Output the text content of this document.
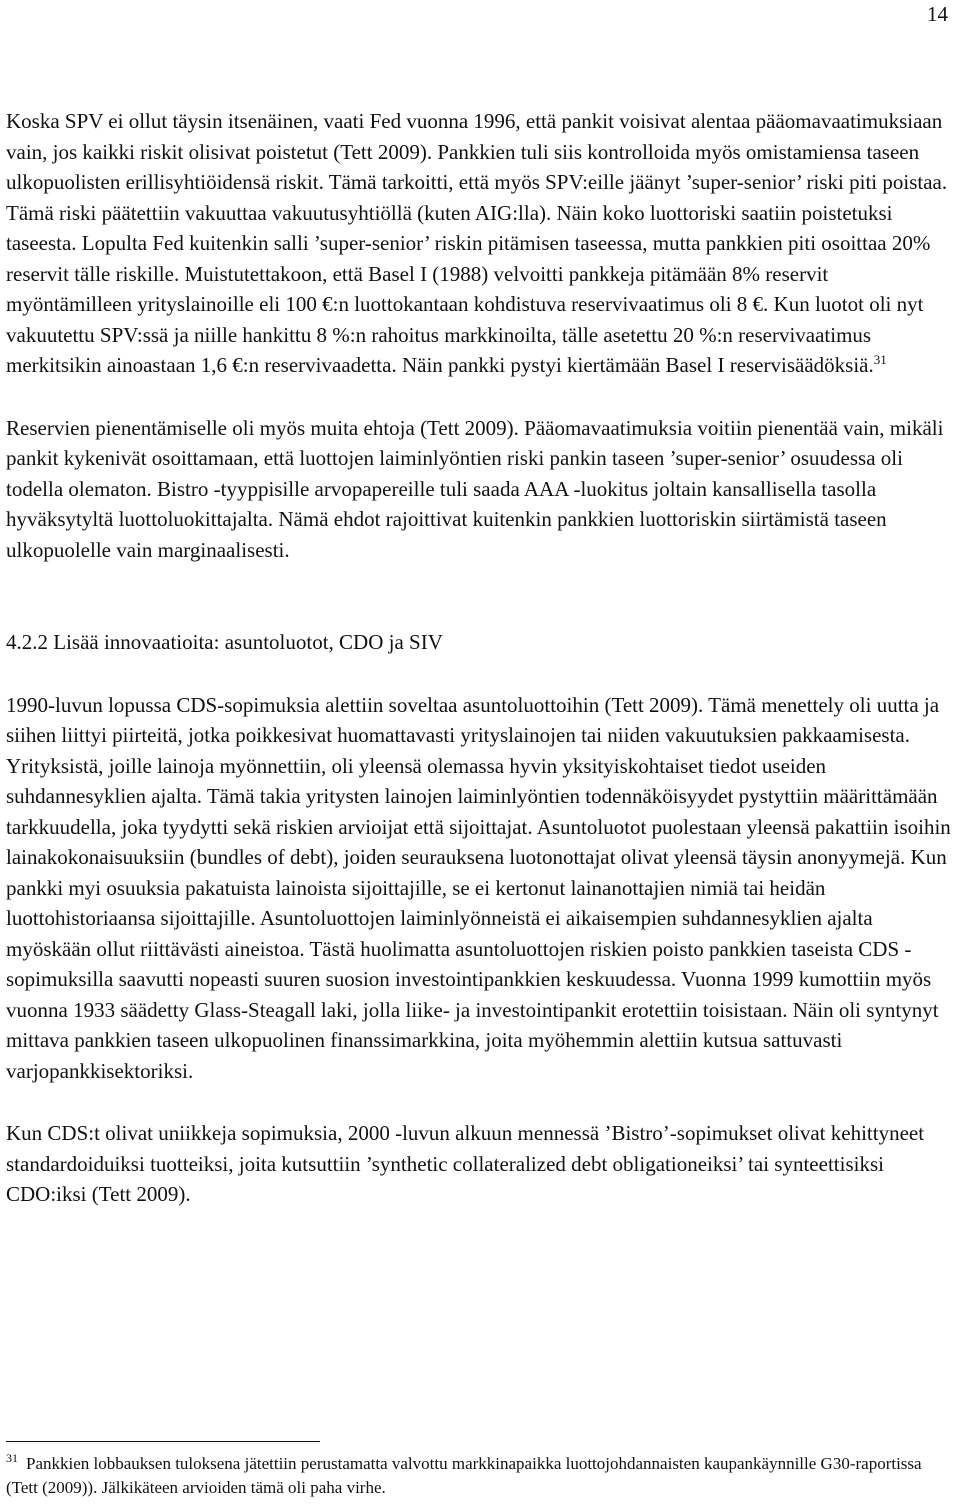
14

Koska SPV ei ollut täysin itsenäinen, vaati Fed vuonna 1996, että pankit voisivat alentaa pääomavaatimuksiaan vain, jos kaikki riskit olisivat poistetut (Tett 2009). Pankkien tuli siis kontrolloida myös omistamiensa taseen ulkopuolisten erillisyhtiöidensä riskit. Tämä tarkoitti, että myös SPV:eille jäänyt ’super-senior’ riski piti poistaa. Tämä riski päätettiin vakuuttaa vakuutusyhtiöllä (kuten AIG:lla). Näin koko luottoriski saatiin poistetuksi taseesta. Lopulta Fed kuitenkin salli ’super-senior’ riskin pitämisen taseessa, mutta pankkien piti osoittaa 20% reservit tälle riskille. Muistutettakoon, että Basel I (1988) velvoitti pankkeja pitämään 8% reservit myöntämilleen yrityslainoille eli 100 €:n luottokantaan kohdistuva reservivaatimus oli 8 €. Kun luotot oli nyt vakuutettu SPV:ssä ja niille hankittu 8 %:n rahoitus markkinoilta, tälle asetettu 20 %:n reservivaatimus merkitsikin ainoastaan 1,6 €:n reservivaadetta. Näin pankki pystyi kiertämään Basel I reservisäädöksiä.$^{31}$

Reservien pienentämiselle oli myös muita ehtoja (Tett 2009). Pääomavaatimuksia voitiin pienentää vain, mikäli pankit kykenivät osoittamaan, että luottojen laiminlyöntien riski pankin taseen ’super-senior’ osuudessa oli todella olematon. Bistro -tyyppisille arvopapereille tuli saada AAA -luokitus joltain kansallisella tasolla hyväksytyltä luottoluokittajalta. Nämä ehdot rajoittivat kuitenkin pankkien luottoriskin siirtämistä taseen ulkopuolelle vain marginaalisesti.

4.2.2 Lisää innovaatioita: asuntoluotot, CDO ja SIV

1990-luvun lopussa CDS-sopimuksia alettiin soveltaa asuntoluottoihin (Tett 2009). Tämä menettely oli uutta ja siihen liittyi piirteitä, jotka poikkesivat huomattavasti yrityslainojen tai niiden vakuutuksien pakkaamisesta. Yrityksistä, joille lainoja myönnettiin, oli yleensä olemassa hyvin yksityiskohtaiset tiedot useiden suhdannesyklien ajalta. Tämä takia yritysten lainojen laiminlyöntien todennäköisyydet pystyttiin määrittämään tarkkuudella, joka tyydytti sekä riskien arvioijat että sijoittajat. Asuntoluotot puolestaan yleensä pakattiin isoihin lainakokonaisuuksiin (bundles of debt), joiden seurauksena luotonottajat olivat yleensä täysin anonyymejä. Kun pankki myi osuuksia pakatuista lainoista sijoittajille, se ei kertonut lainanottajien nimiä tai heidän luottohistoriaansa sijoittajille. Asuntoluottojen laiminlyönneistä ei aikaisempien suhdannesyklien ajalta myöskään ollut riittävästi aineistoa. Tästä huolimatta asuntoluottojen riskien poisto pankkien taseista CDS -sopimuksilla saavutti nopeasti suuren suosion investointipankkien keskuudessa. Vuonna 1999 kumottiin myös vuonna 1933 säädetty Glass-Steagall laki, jolla liike- ja investointipankit erotettiin toisistaan. Näin oli syntynyt mittava pankkien taseen ulkopuolinen finanssimarkkina, joita myöhemmin alettiin kutsua sattuvasti varjopankkisektoriksi.

Kun CDS:t olivat uniikkeja sopimuksia, 2000 -luvun alkuun mennessä ’Bistro’-sopimukset olivat kehittyneet standardoiduiksi tuotteiksi, joita kutsuttiin ’synthetic collateralized debt obligationeiksi’ tai synteettisiksi CDO:iksi (Tett 2009).

$^{31}$ Pankkien lobbauksen tuloksena jätettiin perustamatta valvottu markkinapaikka luottojohdannaisten kaupankäynnille G30-raportissa (Tett (2009)). Jälkikäteen arvioiden tämä oli paha virhe.
